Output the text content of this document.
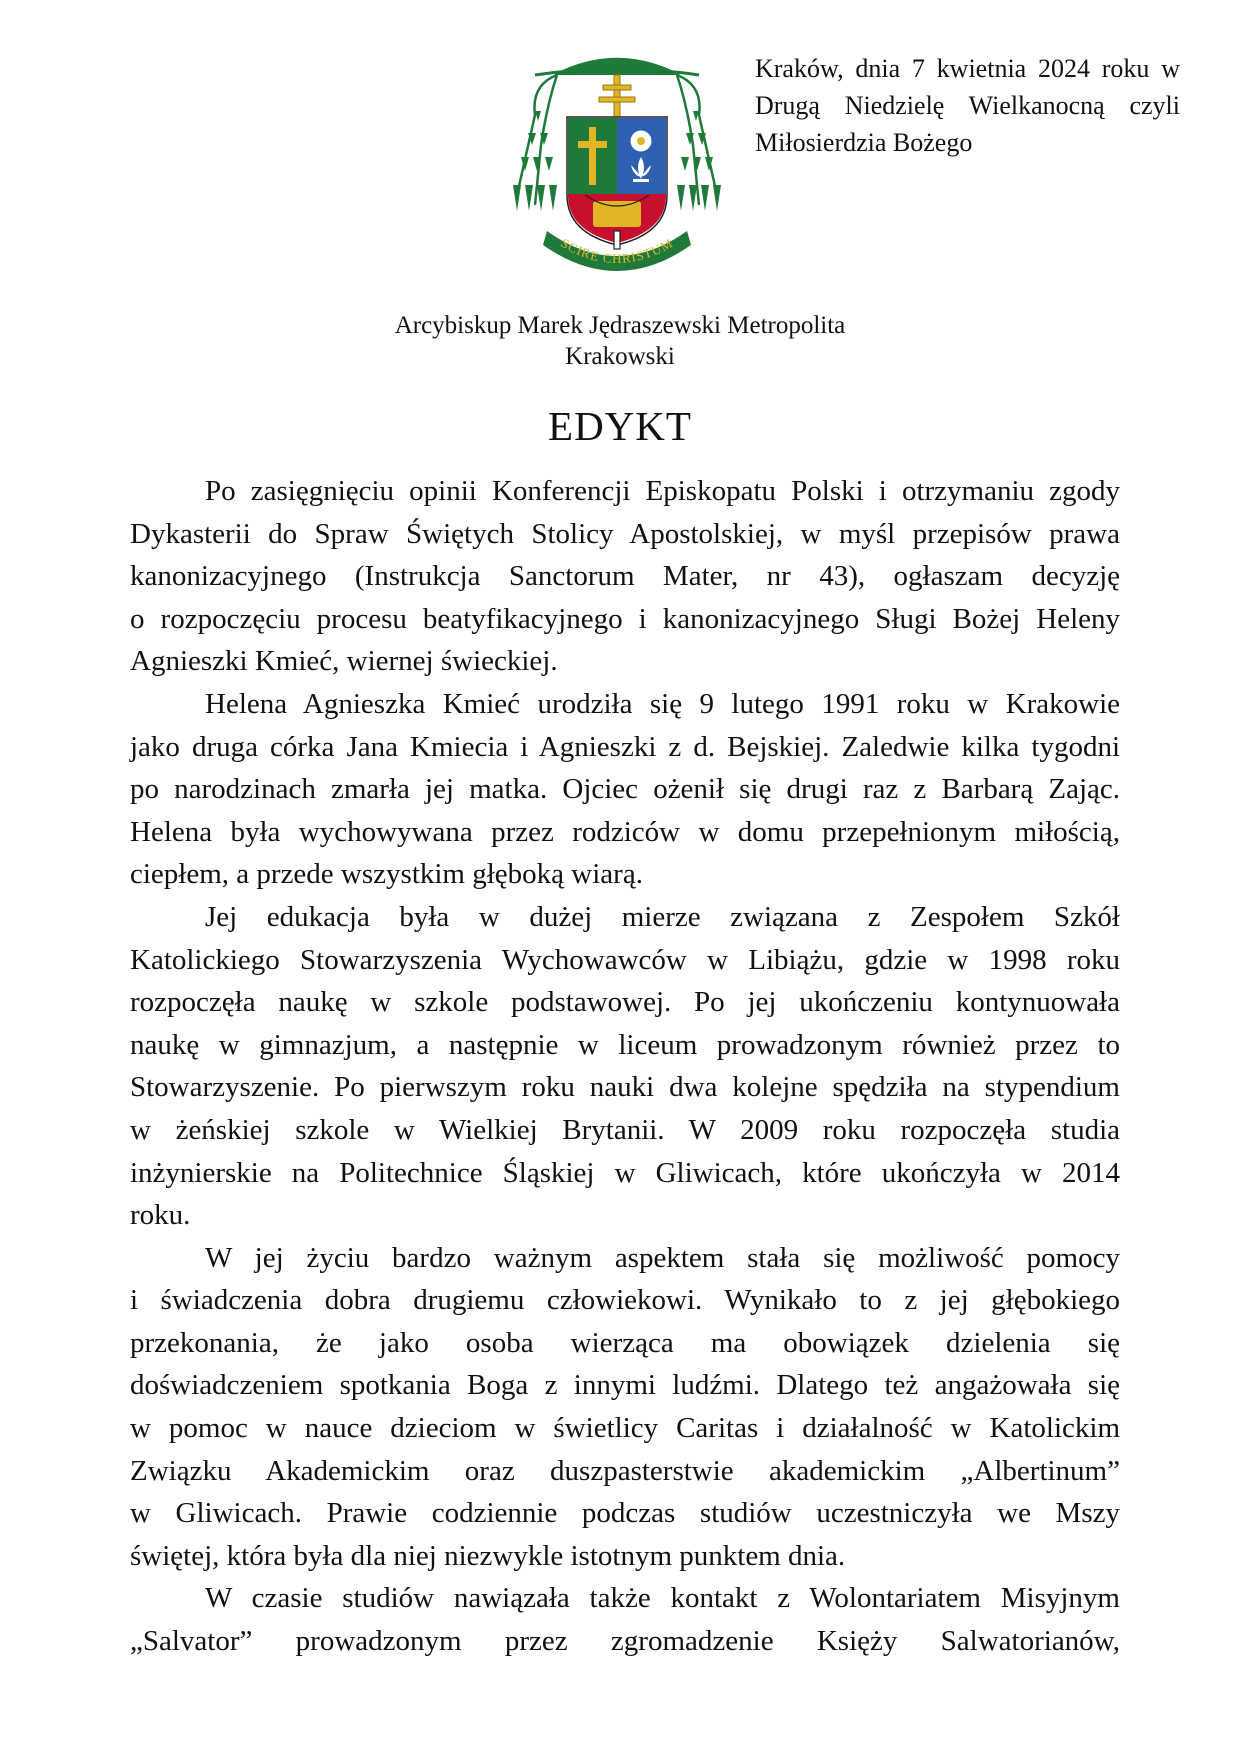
SCIRE CHRISTUM
Kraków, dnia 7 kwietnia 2024 roku w
Drugą Niedzielę Wielkanocną czyli
Miłosierdzia Bożego
Arcybiskup Marek Jędraszewski Metropolita
Krakowski
EDYKT

Po zasięgnięciu opinii Konferencji Episkopatu Polski i otrzymaniu zgody
Dykasterii do Spraw Świętych Stolicy Apostolskiej, w myśl przepisów prawa
kanonizacyjnego (Instrukcja Sanctorum Mater, nr 43), ogłaszam decyzję
o rozpoczęciu procesu beatyfikacyjnego i kanonizacyjnego Sługi Bożej Heleny
Agnieszki Kmieć, wiernej świeckiej.

Helena Agnieszka Kmieć urodziła się 9 lutego 1991 roku w Krakowie
jako druga córka Jana Kmiecia i Agnieszki z d. Bejskiej. Zaledwie kilka tygodni
po narodzinach zmarła jej matka. Ojciec ożenił się drugi raz z Barbarą Zając.
Helena była wychowywana przez rodziców w domu przepełnionym miłością,
ciepłem, a przede wszystkim głęboką wiarą.

Jej edukacja była w dużej mierze związana z Zespołem Szkół
Katolickiego Stowarzyszenia Wychowawców w Libiążu, gdzie w 1998 roku
rozpoczęła naukę w szkole podstawowej. Po jej ukończeniu kontynuowała
naukę w gimnazjum, a następnie w liceum prowadzonym również przez to
Stowarzyszenie. Po pierwszym roku nauki dwa kolejne spędziła na stypendium
w żeńskiej szkole w Wielkiej Brytanii. W 2009 roku rozpoczęła studia
inżynierskie na Politechnice Śląskiej w Gliwicach, które ukończyła w 2014
roku.

W jej życiu bardzo ważnym aspektem stała się możliwość pomocy
i świadczenia dobra drugiemu człowiekowi. Wynikało to z jej głębokiego
przekonania, że jako osoba wierząca ma obowiązek dzielenia się
doświadczeniem spotkania Boga z innymi ludźmi. Dlatego też angażowała się
w pomoc w nauce dzieciom w świetlicy Caritas i działalność w Katolickim
Związku Akademickim oraz duszpasterstwie akademickim „Albertinum”
w Gliwicach. Prawie codziennie podczas studiów uczestniczyła we Mszy
świętej, która była dla niej niezwykle istotnym punktem dnia.

W czasie studiów nawiązała także kontakt z Wolontariatem Misyjnym
„Salvator” prowadzonym przez zgromadzenie Księży Salwatorianów,
